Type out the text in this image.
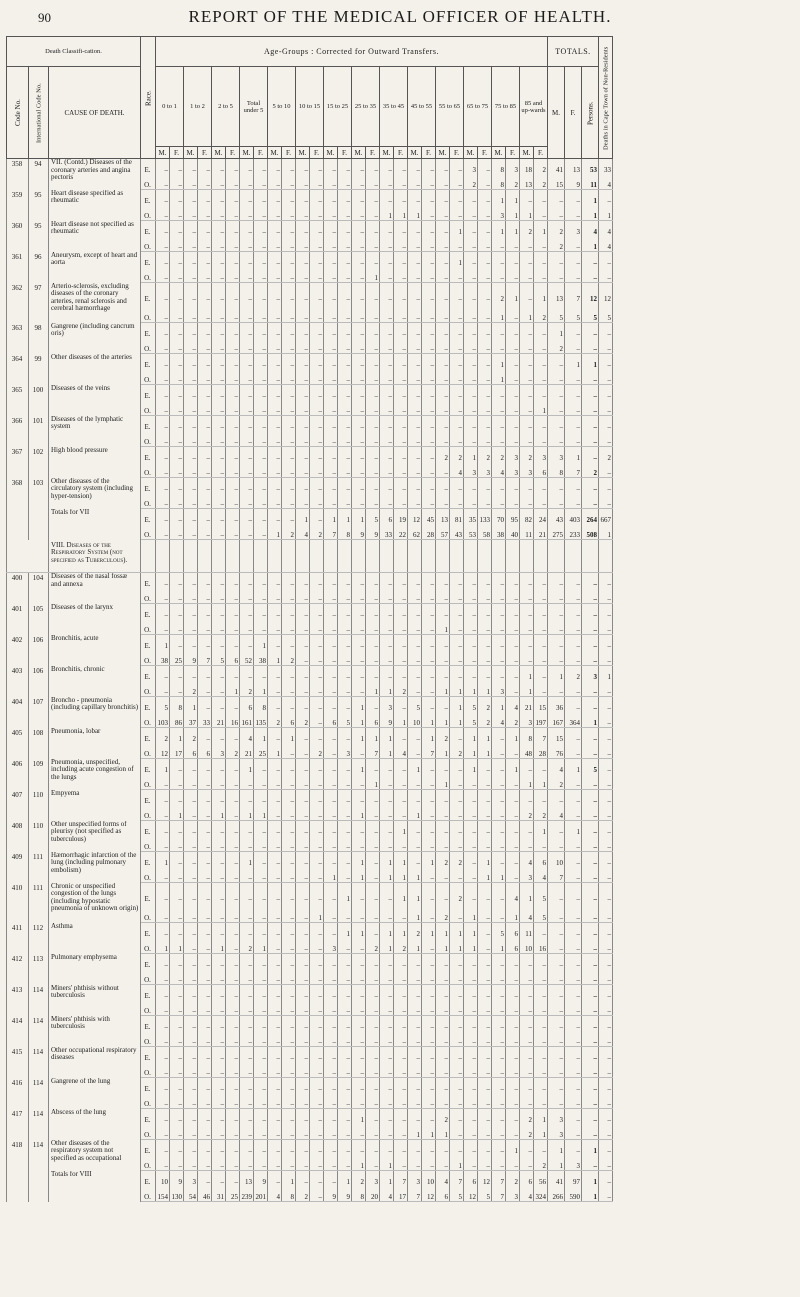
90	REPORT OF THE MEDICAL OFFICER OF HEALTH.
Death Classifi-cation.			Race.	Age-Groups : Corrected for Outward Transfers.																												TOTALS.			Deaths in Cape Town of Non-Residents
Code No.	International Code No.	CAUSE OF DEATH.		0 to 1		1 to 2		2 to 5		Total under 5		5 to 10		10 to 15		15 to 25		25 to 35		35 to 45		45 to 55		55 to 65		65 to 75		75 to 85		85 and up-wards		M.	F.	Persons.	
				M.	F.	M.	F.	M.	F.	M.	F.	M.	F.	M.	F.	M.	F.	M.	F.	M.	F.	M.	F.	M.	F.	M.	F.	M.	F.	M.	F.				
358	94	VII. (Contd.) Diseases of the coronary arteries and angina pectoris	E.	–	–	–	–	–	–	–	–	–	–	–	–	–	–	–	–	–	–	–	–	–	–	3	–	8	3	18	2	41	13	53	33
			O.	–	–	–	–	–	–	–	–	–	–	–	–	–	–	–	–	–	–	–	–	–	–	2	–	8	2	13	2	15	9	11	4
359	95	Heart disease specified as rheumatic	E.	–	–	–	–	–	–	–	–	–	–	–	–	–	–	–	–	–	–	–	–	–	–	–	–	1	1	–	–	–	–	1	–
			O.	–	–	–	–	–	–	–	–	–	–	–	–	–	–	–	–	1	1	1	–	–	–	–	–	3	1	1	–	–	–	1	1
360	95	Heart disease not specified as rheumatic	E.	–	–	–	–	–	–	–	–	–	–	–	–	–	–	–	–	–	–	–	–	–	1	–	–	1	1	2	1	2	3	4	4
			O.	–	–	–	–	–	–	–	–	–	–	–	–	–	–	–	–	–	–	–	–	–	–	–	–	–	–	–	–	2	–	1	4
361	96	Aneurysm, except of heart and aorta	E.	–	–	–	–	–	–	–	–	–	–	–	–	–	–	–	–	–	–	–	–	–	1	–	–	–	–	–	–	–	–	–	–
			O.	–	–	–	–	–	–	–	–	–	–	–	–	–	–	–	1	–	–	–	–	–	–	–	–	–	–	–	–	–	–	–	–
362	97	Arterio-sclerosis, excluding diseases of the coronary arteries, renal sclerosis and cerebral hæmorrhage	E.	–	–	–	–	–	–	–	–	–	–	–	–	–	–	–	–	–	–	–	–	–	–	–	–	2	1	–	1	13	7	12	12
			O.	–	–	–	–	–	–	–	–	–	–	–	–	–	–	–	–	–	–	–	–	–	–	–	–	1	–	1	2	5	5	5	5
363	98	Gangrene (including cancrum oris)	E.	–	–	–	–	–	–	–	–	–	–	–	–	–	–	–	–	–	–	–	–	–	–	–	–	–	–	–	–	1	–	–	–
			O.	–	–	–	–	–	–	–	–	–	–	–	–	–	–	–	–	–	–	–	–	–	–	–	–	–	–	–	–	2	–	–	–
364	99	Other diseases of the arteries	E.	–	–	–	–	–	–	–	–	–	–	–	–	–	–	–	–	–	–	–	–	–	–	–	–	1	–	–	–	–	1	1	–
			O.	–	–	–	–	–	–	–	–	–	–	–	–	–	–	–	–	–	–	–	–	–	–	–	–	1	–	–	–	–	–	–	–
365	100	Diseases of the veins	E.	–	–	–	–	–	–	–	–	–	–	–	–	–	–	–	–	–	–	–	–	–	–	–	–	–	–	–	–	–	–	–	–
			O.	–	–	–	–	–	–	–	–	–	–	–	–	–	–	–	–	–	–	–	–	–	–	–	–	–	–	–	1	–	–	–	–
366	101	Diseases of the lymphatic system	E.	–	–	–	–	–	–	–	–	–	–	–	–	–	–	–	–	–	–	–	–	–	–	–	–	–	–	–	–	–	–	–	–
			O.	–	–	–	–	–	–	–	–	–	–	–	–	–	–	–	–	–	–	–	–	–	–	–	–	–	–	–	–	–	–	–	–
367	102	High blood pressure	E.	–	–	–	–	–	–	–	–	–	–	–	–	–	–	–	–	–	–	–	–	2	2	1	2	2	3	2	3	3	1	–	2
			O.	–	–	–	–	–	–	–	–	–	–	–	–	–	–	–	–	–	–	–	–	–	4	3	3	4	3	3	6	8	7	2	–
368	103	Other diseases of the circulatory system (including hyper-tension)	E.	–	–	–	–	–	–	–	–	–	–	–	–	–	–	–	–	–	–	–	–	–	–	–	–	–	–	–	–	–	–	–	–
			O.	–	–	–	–	–	–	–	–	–	–	–	–	–	–	–	–	–	–	–	–	–	–	–	–	–	–	–	–	–	–	–	–
		Totals for VII	E.	–	–	–	–	–	–	–	–	–	–	1	–	1	1	1	5	6	19	12	45	13	81	35	133	70	95	82	24	43	403	264	667
			O.	–	–	–	–	–	–	–	–	1	2	4	2	7	8	9	9	33	22	62	28	57	43	53	58	38	40	11	21	275	233	508	1

		VIII. Diseases of the Respiratory System (not specified as Tuberculous).																																	

400	104	Diseases of the nasal fossæ and annexa	E.	–	–	–	–	–	–	–	–	–	–	–	–	–	–	–	–	–	–	–	–	–	–	–	–	–	–	–	–	–	–	–	–
			O.	–	–	–	–	–	–	–	–	–	–	–	–	–	–	–	–	–	–	–	–	–	–	–	–	–	–	–	–	–	–	–	–
401	105	Diseases of the larynx	E.	–	–	–	–	–	–	–	–	–	–	–	–	–	–	–	–	–	–	–	–	–	–	–	–	–	–	–	–	–	–	–	–
			O.	–	–	–	–	–	–	–	–	–	–	–	–	–	–	–	–	–	–	–	–	1	–	–	–	–	–	–	–	–	–	–	–
402	106	Bronchitis, acute	E.	1	–	–	–	–	–	–	1	–	–	–	–	–	–	–	–	–	–	–	–	–	–	–	–	–	–	–	–	–	–	–	–
			O.	38	25	9	7	5	6	52	38	1	2	–	–	–	–	–	–	–	–	–	–	–	–	–	–	–	–	–	–	–	–	–	–
403	106	Bronchitis, chronic	E.	–	–	–	–	–	–	–	–	–	–	–	–	–	–	–	–	–	–	–	–	–	–	–	–	–	–	1	–	1	2	3	1
			O.	–	–	2	–	–	1	2	1	–	–	–	–	–	–	–	1	1	2	–	–	1	1	1	1	3	–	1	–	–	–	–	–
404	107	Broncho - pneumonia (including capillary bronchitis)	E.	5	8	1	–	–	–	6	8	–	–	–	–	–	–	1	–	3	–	5	–	–	1	5	2	1	4	21	15	36	–	–	–
			O.	103	86	37	33	21	16	161	135	2	6	2	–	6	5	1	6	9	1	10	1	1	1	5	2	4	2	3	197	167	364	1	–
405	108	Pneumonia, lobar	E.	2	1	2	–	–	–	4	1	–	1	–	–	–	–	1	1	1	–	–	1	2	–	1	1	–	1	8	7	15	–	–	–
			O.	12	17	6	6	3	2	21	25	1	–	–	2	–	3	–	7	1	4	–	7	1	2	1	1	–	–	48	28	76	–	–	–
406	109	Pneumonia, unspecified, including acute congestion of the lungs	E.	1	–	–	–	–	–	1	–	–	–	–	–	–	–	1	–	–	–	1	–	–	–	1	–	–	1	–	–	4	1	5	–
			O.	–	–	–	–	–	–	–	–	–	–	–	–	–	–	–	1	–	–	–	–	1	–	–	–	–	–	1	1	2	–	–	–
407	110	Empyema	E.	–	–	–	–	–	–	–	–	–	–	–	–	–	–	–	–	–	–	–	–	–	–	–	–	–	–	–	–	–	–	–	–
			O.	–	1	–	–	1	–	1	1	–	–	–	–	–	–	1	–	–	–	1	–	–	–	–	–	–	–	2	2	4	–	–	–
408	110	Other unspecified forms of pleurisy (not specified as tuberculous)	E.	–	–	–	–	–	–	–	–	–	–	–	–	–	–	–	–	–	1	–	–	–	–	–	–	–	–	–	1	–	1	–	–
			O.	–	–	–	–	–	–	–	–	–	–	–	–	–	–	–	–	–	–	–	–	–	–	–	–	–	–	–	–	–	–	–	–
409	111	Hæmorrhagic infarction of the lung (including pulmonary embolism)	E.	1	–	–	–	–	–	1	–	–	–	–	–	–	–	1	–	1	1	–	1	2	2	–	1	–	–	4	6	10	–	–	–
			O.	–	–	–	–	–	–	–	–	–	–	–	–	1	–	1	–	1	1	1	–	–	–	–	1	1	–	3	4	7	–	–	–
410	111	Chronic or unspecified congestion of the lungs (including hypostatic pneumonia of unknown origin)	E.	–	–	–	–	–	–	–	–	–	–	–	–	–	1	–	–	–	1	1	–	–	2	–	–	–	4	1	5	–	–	–	–
			O.	–	–	–	–	–	–	–	–	–	–	–	1	–	–	–	–	–	–	1	–	2	–	1	–	–	1	4	5	–	–	–	–
411	112	Asthma	E.	–	–	–	–	–	–	–	–	–	–	–	–	–	1	1	–	1	1	2	1	1	1	1	–	5	6	11	–	–	–	–	–
			O.	1	1	–	–	1	–	2	1	–	–	–	–	3	–	–	2	1	2	1	–	1	1	1	–	1	6	10	16	–	–	–	–
412	113	Pulmonary emphysema	E.	–	–	–	–	–	–	–	–	–	–	–	–	–	–	–	–	–	–	–	–	–	–	–	–	–	–	–	–	–	–	–	–
			O.	–	–	–	–	–	–	–	–	–	–	–	–	–	–	–	–	–	–	–	–	–	–	–	–	–	–	–	–	–	–	–	–
413	114	Miners' phthisis without tuberculosis	E.	–	–	–	–	–	–	–	–	–	–	–	–	–	–	–	–	–	–	–	–	–	–	–	–	–	–	–	–	–	–	–	–
			O.	–	–	–	–	–	–	–	–	–	–	–	–	–	–	–	–	–	–	–	–	–	–	–	–	–	–	–	–	–	–	–	–
414	114	Miners' phthisis with tuberculosis	E.	–	–	–	–	–	–	–	–	–	–	–	–	–	–	–	–	–	–	–	–	–	–	–	–	–	–	–	–	–	–	–	–
			O.	–	–	–	–	–	–	–	–	–	–	–	–	–	–	–	–	–	–	–	–	–	–	–	–	–	–	–	–	–	–	–	–
415	114	Other occupational respiratory diseases	E.	–	–	–	–	–	–	–	–	–	–	–	–	–	–	–	–	–	–	–	–	–	–	–	–	–	–	–	–	–	–	–	–
			O.	–	–	–	–	–	–	–	–	–	–	–	–	–	–	–	–	–	–	–	–	–	–	–	–	–	–	–	–	–	–	–	–
416	114	Gangrene of the lung	E.	–	–	–	–	–	–	–	–	–	–	–	–	–	–	–	–	–	–	–	–	–	–	–	–	–	–	–	–	–	–	–	–
			O.	–	–	–	–	–	–	–	–	–	–	–	–	–	–	–	–	–	–	–	–	–	–	–	–	–	–	–	–	–	–	–	–
417	114	Abscess of the lung	E.	–	–	–	–	–	–	–	–	–	–	–	–	–	–	1	–	–	–	–	–	2	–	–	–	–	–	2	1	3	–	–	–
			O.	–	–	–	–	–	–	–	–	–	–	–	–	–	–	–	–	–	–	1	1	1	–	–	–	–	–	2	1	3	–	–	–
418	114	Other diseases of the respiratory system not specified as occupational	E.	–	–	–	–	–	–	–	–	–	–	–	–	–	–	–	–	–	–	–	–	–	–	–	–	–	1	–	–	1	–	1	–
			O.	–	–	–	–	–	–	–	–	–	–	–	–	–	–	1	–	1	–	–	–	–	1	–	–	–	–	–	2	1	3	–	–
		Totals for VIII	E.	10	9	3	–	–	–	13	9	–	1	–	–	–	1	2	3	1	7	3	10	4	7	6	12	7	2	6	56	41	97	1	–
			O.	154	130	54	46	31	25	239	201	4	8	2	–	9	9	8	20	4	17	7	12	6	5	12	5	7	3	4	324	266	590	1	–
